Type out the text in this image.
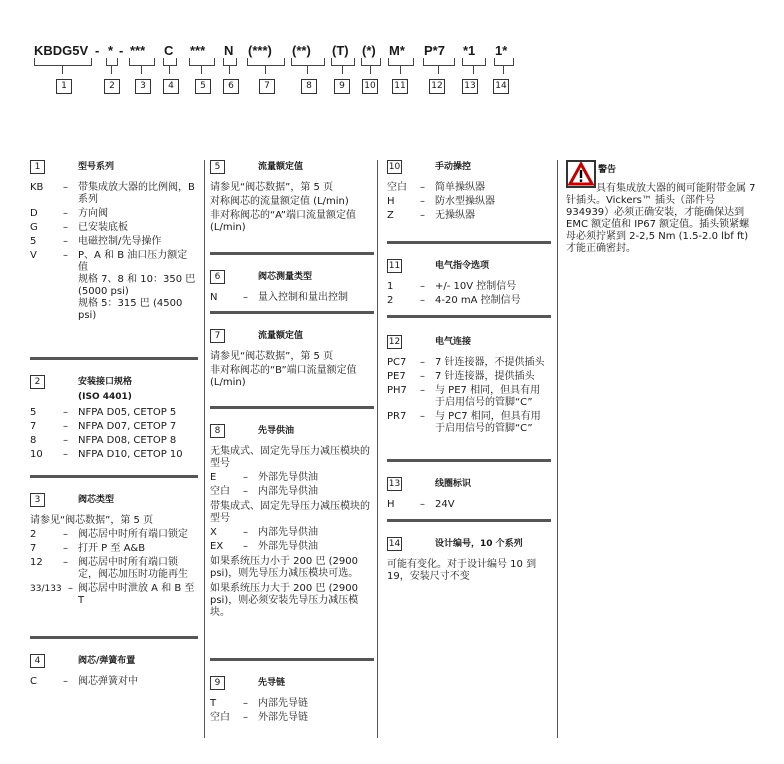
KBDG5V - * - *** C *** N (***) (**) (T) (*) M* P*7 *1 1*
1	2	3	4	5	6	7	8	9	10 11	12 13 14
1	型号系列
KB	–	带集成放大器的比例阀，B 系列
D	–	方向阀
G	–	已安装底板
5	–	电磁控制/先导操作
V	–	P、A 和 B 油口压力额定值
规格 7、8 和 10：350 巴 (5000 psi)
规格 5：315 巴 (4500 psi)
2	安装接口规格
(ISO 4401)
5	–	NFPA D05, CETOP 5
7	–	NFPA D07, CETOP 7
8	–	NFPA D08, CETOP 8
10	–	NFPA D10, CETOP 10
3	阀芯类型
请参见“阀芯数据”，第 5 页
2	–	阀芯居中时所有端口锁定
7	–	打开 P 至 A&B
12	–	阀芯居中时所有端口锁定，阀芯加压时功能再生
33/133 – 阀芯居中时泄放 A 和 B 至 T
4	阀芯/弹簧布置
C	–	阀芯弹簧对中
5	流量额定值
请参见“阀芯数据”，第 5 页
对称阀芯的流量额定值 (L/min)
非对称阀芯的“A”端口流量额定值 (L/min)
6	阀芯测量类型
N	–	量入控制和量出控制
7	流量额定值
请参见“阀芯数据”，第 5 页
非对称阀芯的“B”端口流量额定值 (L/min)
8	先导供油
无集成式、固定先导压力减压模块的型号
E	–	外部先导供油
空白	–	内部先导供油
带集成式、固定先导压力减压模块的型号
X	–	内部先导供油
EX	–	外部先导供油
如果系统压力小于 200 巴 (2900 psi)，则先导压力减压模块可选。
如果系统压力大于 200 巴 (2900 psi)，则必须安装先导压力减压模块。
9	先导链
T	–	内部先导链
空白	–	外部先导链
10	手动操控
空白	–	简单操纵器
H	–	防水型操纵器
Z	–	无操纵器
11	电气指令选项
1	–	+/- 10V 控制信号
2	–	4-20 mA 控制信号
12	电气连接
PC7	–	7 针连接器，不提供插头
PE7	–	7 针连接器，提供插头
PH7	–	与 PE7 相同，但具有用于启用信号的管脚“C”
PR7	–	与 PC7 相同，但具有用于启用信号的管脚“C”
13	线圈标识
H	–	24V
14	设计编号，10 个系列
可能有变化。对于设计编号 10 到 19，安装尺寸不变
警告
具有集成放大器的阀可能附带金属 7 针插头。Vickers™ 插头（部件号 934939）必须正确安装，才能确保达到 EMC 额定值和 IP67 额定值。插头锁紧螺母必须拧紧到 2-2,5 Nm (1.5-2.0 lbf ft) 才能正确密封。
